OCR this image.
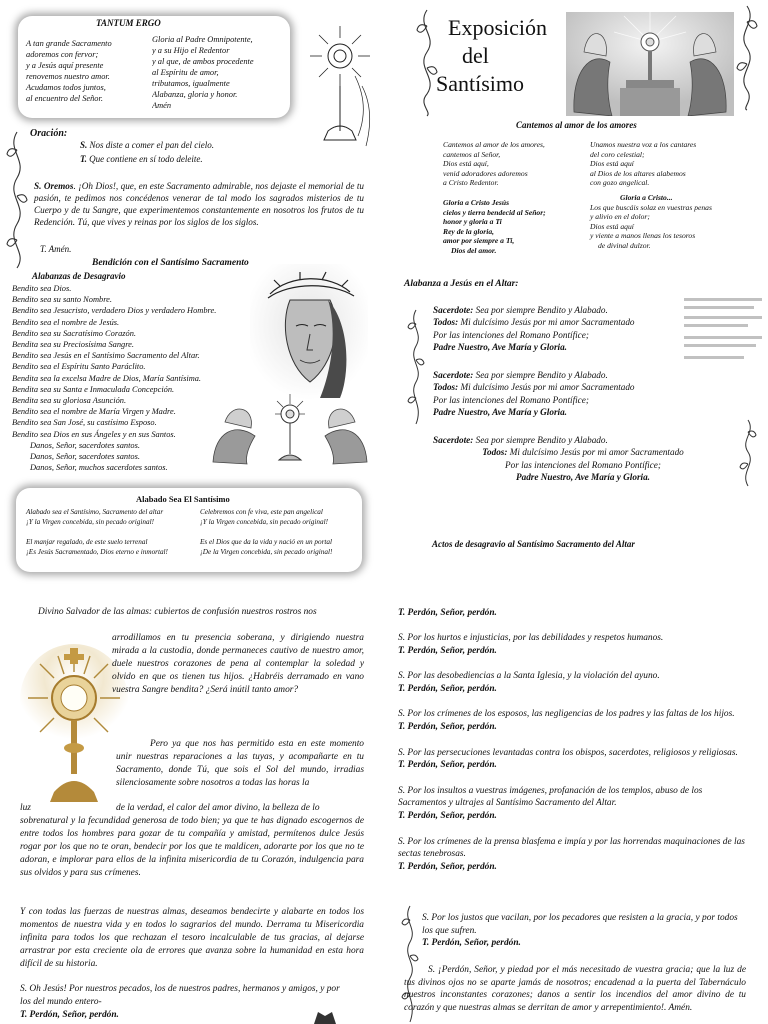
TANTUM ERGO
A tan grande Sacramento
adoremos con fervor;
y a Jesús aquí presente
renovemos nuestro amor.
Acudamos todos juntos,
al encuentro del Señor.
Gloria al Padre Omnipotente,
y a su Hijo el Redentor
y al que, de ambos procedente
al Espíritu de amor,
tributamos, igualmente
Alabanza, gloria y honor.
Amén
Oración:
S. Nos diste a comer el pan del cielo.
T. Que contiene en sí todo deleite.
S. Oremos. ¡Oh Dios!, que, en este Sacramento admirable, nos dejaste el memorial de tu pasión, te pedimos nos concédenos venerar de tal modo los sagrados misterios de tu Cuerpo y de tu Sangre, que experimentemos constantemente en nosotros los frutos de tu Redención. Tú, que vives y reinas por los siglos de los siglos.
T. Amén.
Bendición con el Santísimo Sacramento
Alabanzas de Desagravio
Bendito sea Dios.
Bendito sea su santo Nombre.
Bendito sea Jesucristo, verdadero Dios y verdadero Hombre.
Bendito sea el nombre de Jesús.
Bendito sea su Sacratísimo Corazón.
Bendita sea su Preciosísima Sangre.
Bendito sea Jesús en el Santísimo Sacramento del Altar.
Bendito sea el Espíritu Santo Paráclito.
Bendita sea la excelsa Madre de Dios, María Santísima.
Bendita sea su Santa e Inmaculada Concepción.
Bendita sea su gloriosa Asunción.
Bendito sea el nombre de María Virgen y Madre.
Bendito sea San José, su castísimo Esposo.
Bendito sea Dios en sus Ángeles y en sus Santos.
Danos, Señor, sacerdotes santos.
Danos, Señor, sacerdotes santos.
Danos, Señor, muchos sacerdotes santos.
Alabado Sea El Santísimo
Alabado sea el Santísimo, Sacramento del altar
¡Y la Virgen concebida, sin pecado original!
El manjar regalado, de este suelo terrenal
¡Es Jesús Sacramentado, Dios eterno e inmortal!
Celebremos con fe viva, este pan angelical
¡Y la Virgen concebida, sin pecado original!
Es el Dios que da la vida y nació en un portal
¡De la Virgen concebida, sin pecado original!
Exposición
del
Santísimo
Cantemos al amor de los amores
Cantemos al amor de los amores,
cantemos al Señor,
Dios está aquí,
venid adoradores adoremos
a Cristo Redentor.
Gloria a Cristo Jesús
cielos y tierra bendecid al Señor;
honor y gloria a Ti
Rey de la gloria,
amor por siempre a Ti,
Dios del amor.
Unamos nuestra voz a los cantares
del coro celestial;
Dios está aquí
al Dios de los altares alabemos
con gozo angelical.
Gloria a Cristo...
Los que buscáis solaz en vuestras penas
y alivio en el dolor;
Dios está aquí
y viente a manos llenas los tesoros
de divinal dulzor.
Alabanza a Jesús en el Altar:
Sacerdote: Sea por siempre Bendito y Alabado.
Todos: Mi dulcísimo Jesús por mi amor Sacramentado
Por las intenciones del Romano Pontífice;
Padre Nuestro, Ave María y Gloria.
Sacerdote: Sea por siempre Bendito y Alabado.
Todos: Mi dulcísimo Jesús por mi amor Sacramentado
Por las intenciones del Romano Pontífice;
Padre Nuestro, Ave María y Gloria.
Sacerdote: Sea por siempre Bendito y Alabado.
Todos: Mi dulcísimo Jesús por mi amor Sacramentado
Por las intenciones del Romano Pontífice;
Padre Nuestro, Ave María y Gloria.
Actos de desagravio al Santísimo Sacramento del Altar
Divino Salvador de las almas: cubiertos de confusión nuestros rostros nos
arrodillamos en tu presencia soberana, y dirigiendo nuestra mirada a la custodia, donde permaneces cautivo de nuestro amor, duele nuestros corazones de pena al contemplar la soledad y olvido en que os tienen tus hijos. ¿Habréis derramado en vano vuestra Sangre bendita? ¿Será inútil tanto amor?
Pero ya que nos has permitido esta en este momento unir nuestras reparaciones a las tuyas, y acompañarte en tu Sacramento, donde Tú, que sois el Sol del mundo, irradias silenciosamente sobre nosotros a todas las horas la
luz	de la verdad, el calor del amor divino, la belleza de lo
sobrenatural y la fecundidad generosa de todo bien; ya que te has dignado escogernos de entre todos los hombres para gozar de tu compañía y amistad, permítenos dulce Jesús rogar por los que no te oran, bendecir por los que te maldicen, adorarte por los que no te adoran, e implorar para ellos de la infinita misericordia de tu Corazón, indulgencia para sus olvidos y para sus crímenes.
Y con todas las fuerzas de nuestras almas, deseamos bendecirte y alabarte en todos los momentos de nuestra vida y en todos lo sagrarios del mundo. Derrama tu Misericordia infinita para todos los que rechazan el tesoro incalculable de tus gracias, al dejarse arrastrar por esta creciente ola de errores que avanza sobre la humanidad en esta hora difícil de su historia.
S. Oh Jesús! Por nuestros pecados, los de nuestros padres, hermanos y amigos, y por los del mundo entero-
T. Perdón, Señor, perdón.
T. Perdón, Señor, perdón.
S. Por los hurtos e injusticias, por las debilidades y respetos humanos.
T. Perdón, Señor, perdón.
S. Por las desobediencias a la Santa Iglesia, y la violación del ayuno.
T. Perdón, Señor, perdón.
S. Por los crímenes de los esposos, las negligencias de los padres y las faltas de los hijos.
T. Perdón, Señor, perdón.
S. Por las persecuciones levantadas contra los obispos, sacerdotes, religiosos y religiosas.
T. Perdón, Señor, perdón.
S. Por los insultos a vuestras imágenes, profanación de los templos, abuso de los Sacramentos y ultrajes al Santísimo Sacramento del Altar.
T. Perdón, Señor, perdón.
S. Por los crímenes de la prensa blasfema e impía y por las horrendas maquinaciones de las sectas tenebrosas.
T. Perdón, Señor, perdón.
S. Por los justos que vacilan, por los pecadores que resisten a la gracia, y por todos los que sufren.
T. Perdón, Señor, perdón.
S. ¡Perdón, Señor, y piedad por el más necesitado de vuestra gracia; que la luz de tus divinos ojos no se aparte jamás de nosotros; encadenad a la puerta del Tabernáculo nuestros inconstantes corazones; danos a sentir los incendios del amor divino de tu corazón y que nuestras almas se derritan de amor y arrepentimiento!. Amén.
